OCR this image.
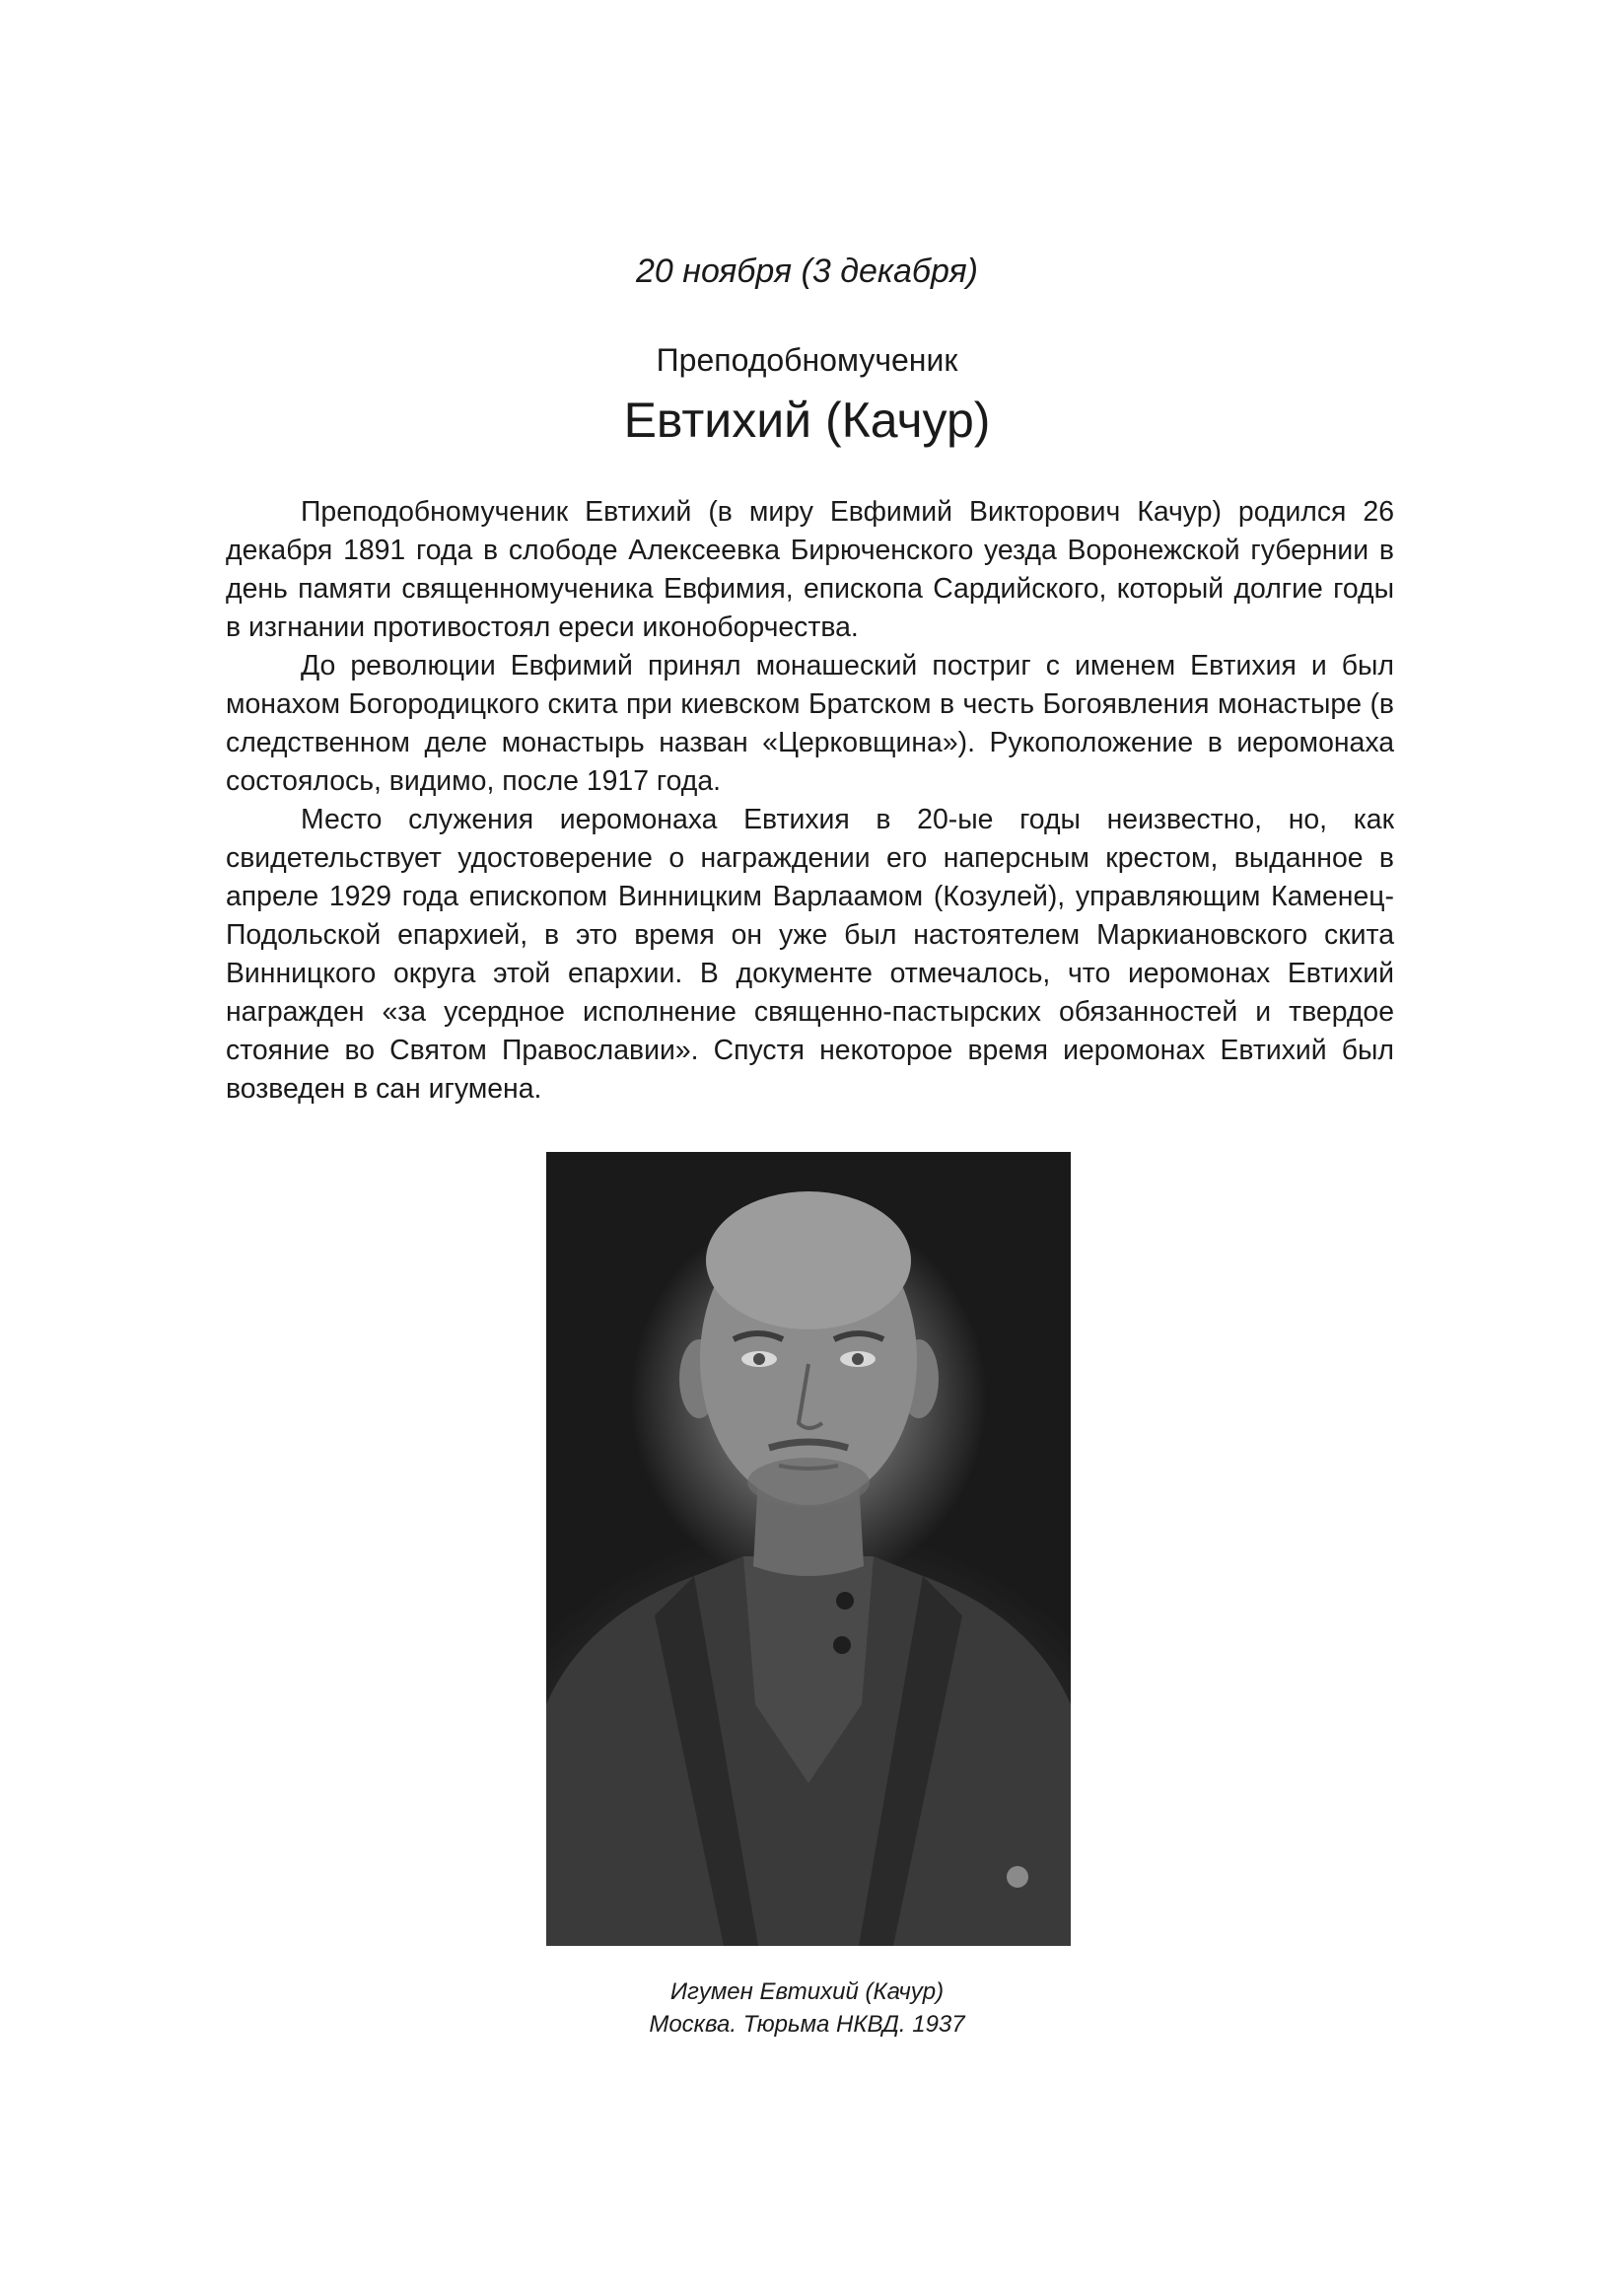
20 ноября (3 декабря)
Преподобномученик
Евтихий (Качур)

Преподобномученик Евтихий (в миру Евфимий Викторович Качур) родился 26 декабря 1891 года в слободе Алексеевка Бирюченского уезда Воронежской губернии в день памяти священномученика Евфимия, епископа Сардийского, который долгие годы в изгнании противостоял ереси иконоборчества.

До революции Евфимий принял монашеский постриг с именем Евтихия и был монахом Богородицкого скита при киевском Братском в честь Богоявления монастыре (в следственном деле монастырь назван «Церковщина»). Рукоположение в иеромонаха состоялось, видимо, после 1917 года.

Место служения иеромонаха Евтихия в 20-ые годы неизвестно, но, как свидетельствует удостоверение о награждении его наперсным крестом, выданное в апреле 1929 года епископом Винницким Варлаамом (Козулей), управляющим Каменец-Подольской епархией, в это время он уже был настоятелем Маркиановского скита Винницкого округа этой епархии. В документе отмечалось, что иеромонах Евтихий награжден «за усердное исполнение священно-пастырских обязанностей и твердое стояние во Святом Православии». Спустя некоторое время иеромонах Евтихий был возведен в сан игумена.

Игумен Евтихий (Качур)
Москва. Тюрьма НКВД. 1937
